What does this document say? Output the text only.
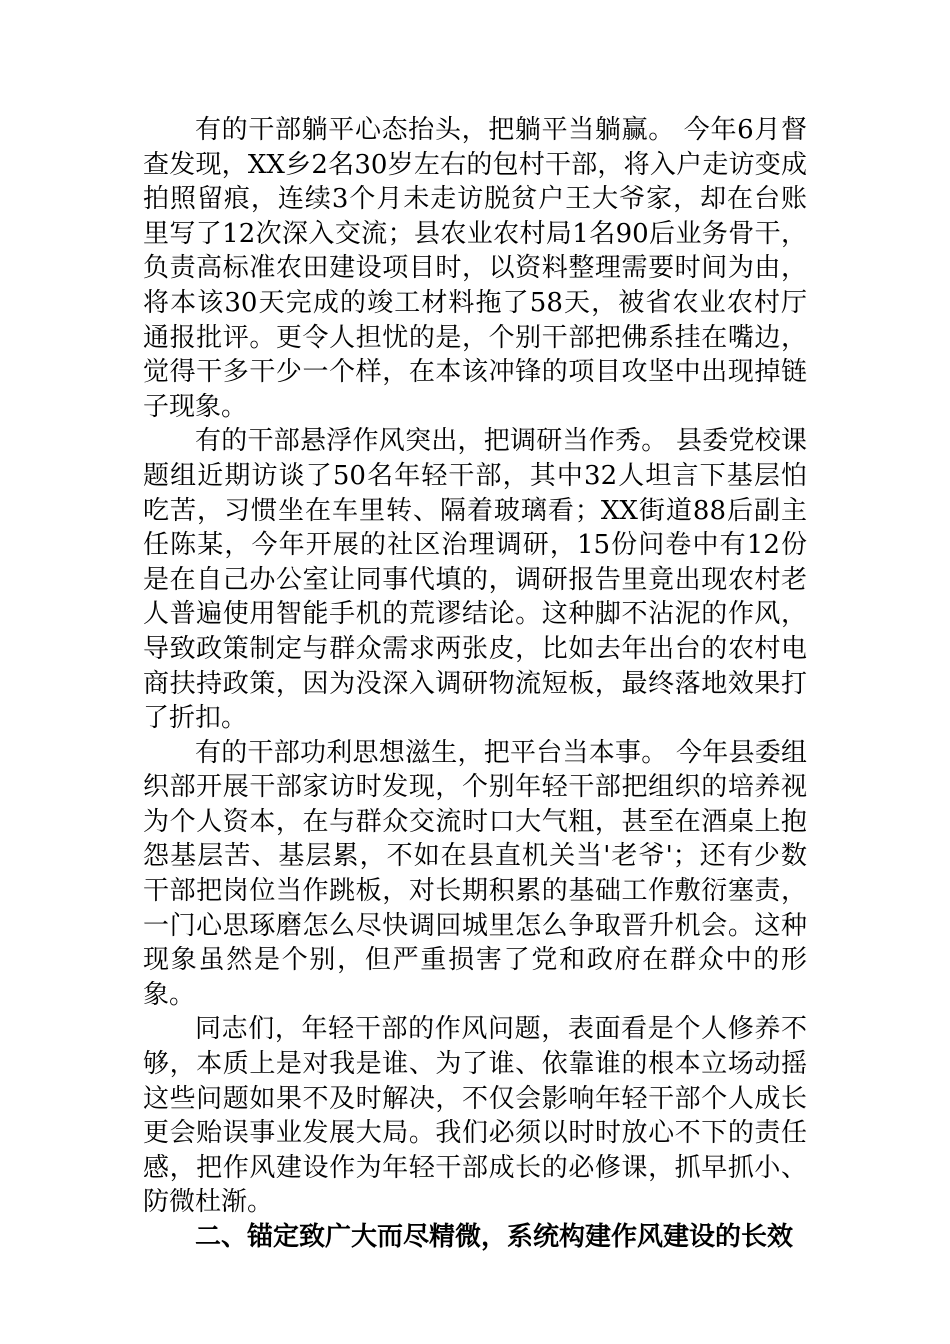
有的干部躺平心态抬头，把躺平当躺赢。 今年6月督查发现，XX乡2名30岁左右的包村干部，将入户走访变成拍照留痕，连续3个月未走访脱贫户王大爷家，却在台账里写了12次深入交流；县农业农村局1名90后业务骨干，负责高标准农田建设项目时，以资料整理需要时间为由，将本该30天完成的竣工材料拖了58天，被省农业农村厅通报批评。更令人担忧的是，个别干部把佛系挂在嘴边，觉得干多干少一个样，在本该冲锋的项目攻坚中出现掉链子现象。

有的干部悬浮作风突出，把调研当作秀。 县委党校课题组近期访谈了50名年轻干部，其中32人坦言下基层怕吃苦，习惯坐在车里转、隔着玻璃看；XX街道88后副主任陈某，今年开展的社区治理调研，15份问卷中有12份是在自己办公室让同事代填的，调研报告里竟出现农村老人普遍使用智能手机的荒谬结论。这种脚不沾泥的作风，导致政策制定与群众需求两张皮，比如去年出台的农村电商扶持政策，因为没深入调研物流短板，最终落地效果打了折扣。

有的干部功利思想滋生，把平台当本事。 今年县委组织部开展干部家访时发现，个别年轻干部把组织的培养视为个人资本，在与群众交流时口大气粗，甚至在酒桌上抱怨基层苦、基层累，不如在县直机关当'老爷'；还有少数干部把岗位当作跳板，对长期积累的基础工作敷衍塞责，一门心思琢磨怎么尽快调回城里怎么争取晋升机会。这种现象虽然是个别，但严重损害了党和政府在群众中的形象。

同志们，年轻干部的作风问题，表面看是个人修养不够，本质上是对我是谁、为了谁、依靠谁的根本立场动摇这些问题如果不及时解决，不仅会影响年轻干部个人成长更会贻误事业发展大局。我们必须以时时放心不下的责任感，把作风建设作为年轻干部成长的必修课，抓早抓小、防微杜渐。

二、锚定致广大而尽精微，系统构建作风建设的长效
